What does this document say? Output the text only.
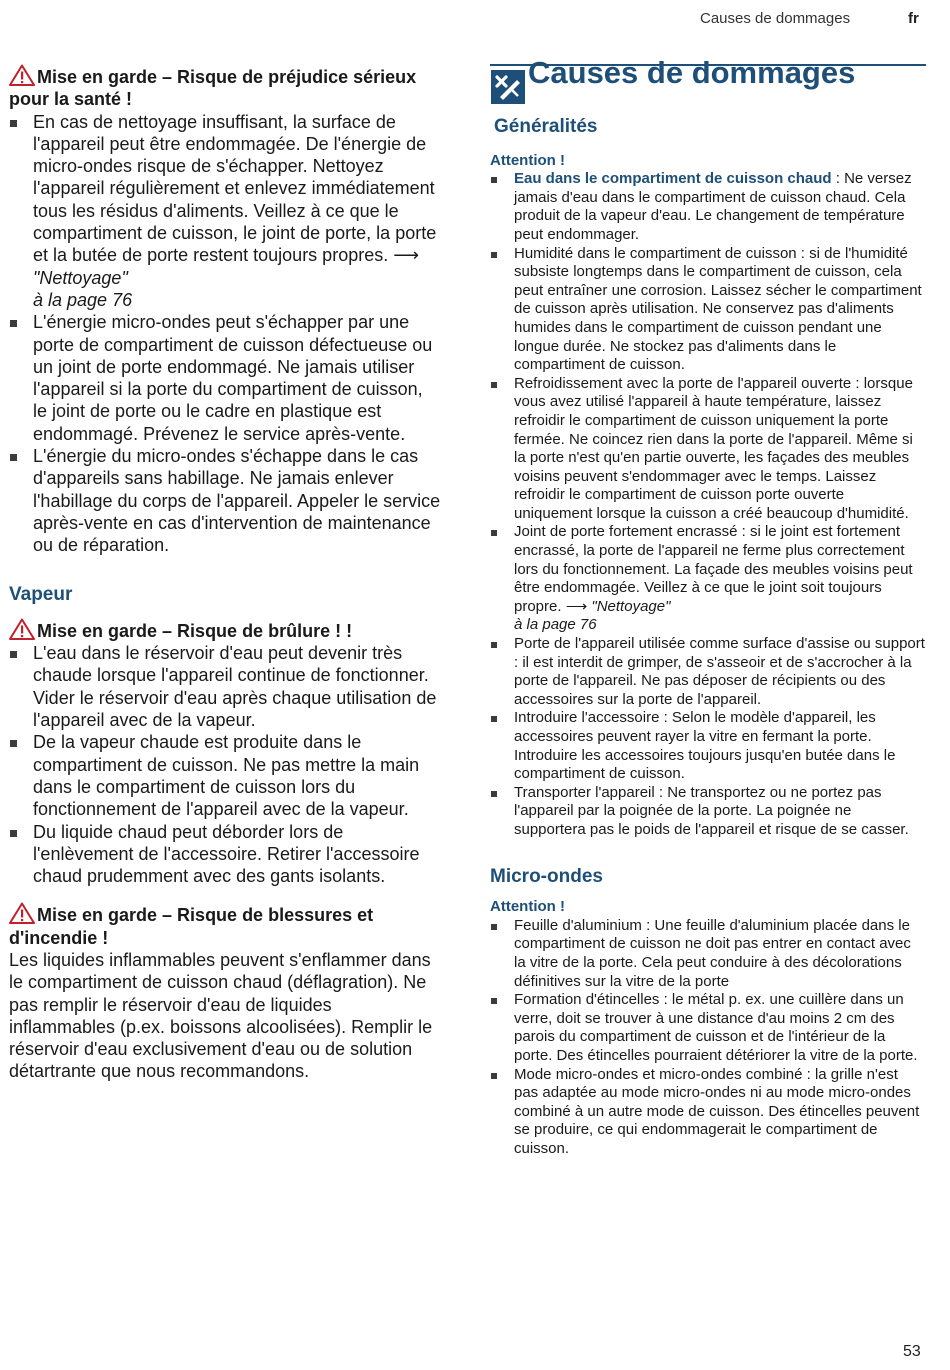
Causes de dommages	fr

Mise en garde – Risque de préjudice sérieux pour la santé !

En cas de nettoyage insuffisant, la surface de l'appareil peut être endommagée. De l'énergie de micro-ondes risque de s'échapper. Nettoyez l'appareil régulièrement et enlevez immédiatement tous les résidus d'aliments. Veillez à ce que le compartiment de cuisson, le joint de porte, la porte et la butée de porte restent toujours propres. ⟶ "Nettoyage"
à la page 76
L'énergie micro-ondes peut s'échapper par une porte de compartiment de cuisson défectueuse ou un joint de porte endommagé. Ne jamais utiliser l'appareil si la porte du compartiment de cuisson, le joint de porte ou le cadre en plastique est endommagé. Prévenez le service après-vente.
L'énergie du micro-ondes s'échappe dans le cas d'appareils sans habillage. Ne jamais enlever l'habillage du corps de l'appareil. Appeler le service après-vente en cas d'intervention de maintenance ou de réparation.

Vapeur

Mise en garde – Risque de brûlure ! !

L'eau dans le réservoir d'eau peut devenir très chaude lorsque l'appareil continue de fonctionner. Vider le réservoir d'eau après chaque utilisation de l'appareil avec de la vapeur.
De la vapeur chaude est produite dans le compartiment de cuisson. Ne pas mettre la main dans le compartiment de cuisson lors du fonctionnement de l'appareil avec de la vapeur.
Du liquide chaud peut déborder lors de l'enlèvement de l'accessoire. Retirer l'accessoire chaud prudemment avec des gants isolants.

Mise en garde – Risque de blessures et d'incendie !

Les liquides inflammables peuvent s'enflammer dans le compartiment de cuisson chaud (déflagration). Ne pas remplir le réservoir d'eau de liquides inflammables (p.ex. boissons alcoolisées). Remplir le réservoir d'eau exclusivement d'eau ou de solution détartrante que nous recommandons.

Causes de dommages

Généralités

Attention !

Eau dans le compartiment de cuisson chaud : Ne versez jamais d'eau dans le compartiment de cuisson chaud. Cela produit de la vapeur d'eau. Le changement de température peut endommager.
Humidité dans le compartiment de cuisson : si de l'humidité subsiste longtemps dans le compartiment de cuisson, cela peut entraîner une corrosion. Laissez sécher le compartiment de cuisson après utilisation. Ne conservez pas d'aliments humides dans le compartiment de cuisson pendant une longue durée. Ne stockez pas d'aliments dans le compartiment de cuisson.
Refroidissement avec la porte de l'appareil ouverte : lorsque vous avez utilisé l'appareil à haute température, laissez refroidir le compartiment de cuisson uniquement la porte fermée. Ne coincez rien dans la porte de l'appareil. Même si la porte n'est qu'en partie ouverte, les façades des meubles voisins peuvent s'endommager avec le temps. Laissez refroidir le compartiment de cuisson porte ouverte uniquement lorsque la cuisson a créé beaucoup d'humidité.
Joint de porte fortement encrassé : si le joint est fortement encrassé, la porte de l'appareil ne ferme plus correctement lors du fonctionnement. La façade des meubles voisins peut être endommagée. Veillez à ce que le joint soit toujours propre. ⟶ "Nettoyage"
à la page 76
Porte de l'appareil utilisée comme surface d'assise ou support : il est interdit de grimper, de s'asseoir et de s'accrocher à la porte de l'appareil. Ne pas déposer de récipients ou des accessoires sur la porte de l'appareil.
Introduire l'accessoire : Selon le modèle d'appareil, les accessoires peuvent rayer la vitre en fermant la porte. Introduire les accessoires toujours jusqu'en butée dans le compartiment de cuisson.
Transporter l'appareil : Ne transportez ou ne portez pas l'appareil par la poignée de la porte. La poignée ne supportera pas le poids de l'appareil et risque de se casser.

Micro-ondes

Attention !

Feuille d'aluminium : Une feuille d'aluminium placée dans le compartiment de cuisson ne doit pas entrer en contact avec la vitre de la porte. Cela peut conduire à des décolorations définitives sur la vitre de la porte
Formation d'étincelles : le métal p. ex. une cuillère dans un verre, doit se trouver à une distance d'au moins 2 cm des parois du compartiment de cuisson et de l'intérieur de la porte. Des étincelles pourraient détériorer la vitre de la porte.
Mode micro-ondes et micro-ondes combiné : la grille n'est pas adaptée au mode micro-ondes ni au mode micro-ondes combiné à un autre mode de cuisson. Des étincelles peuvent se produire, ce qui endommagerait le compartiment de cuisson.
53
